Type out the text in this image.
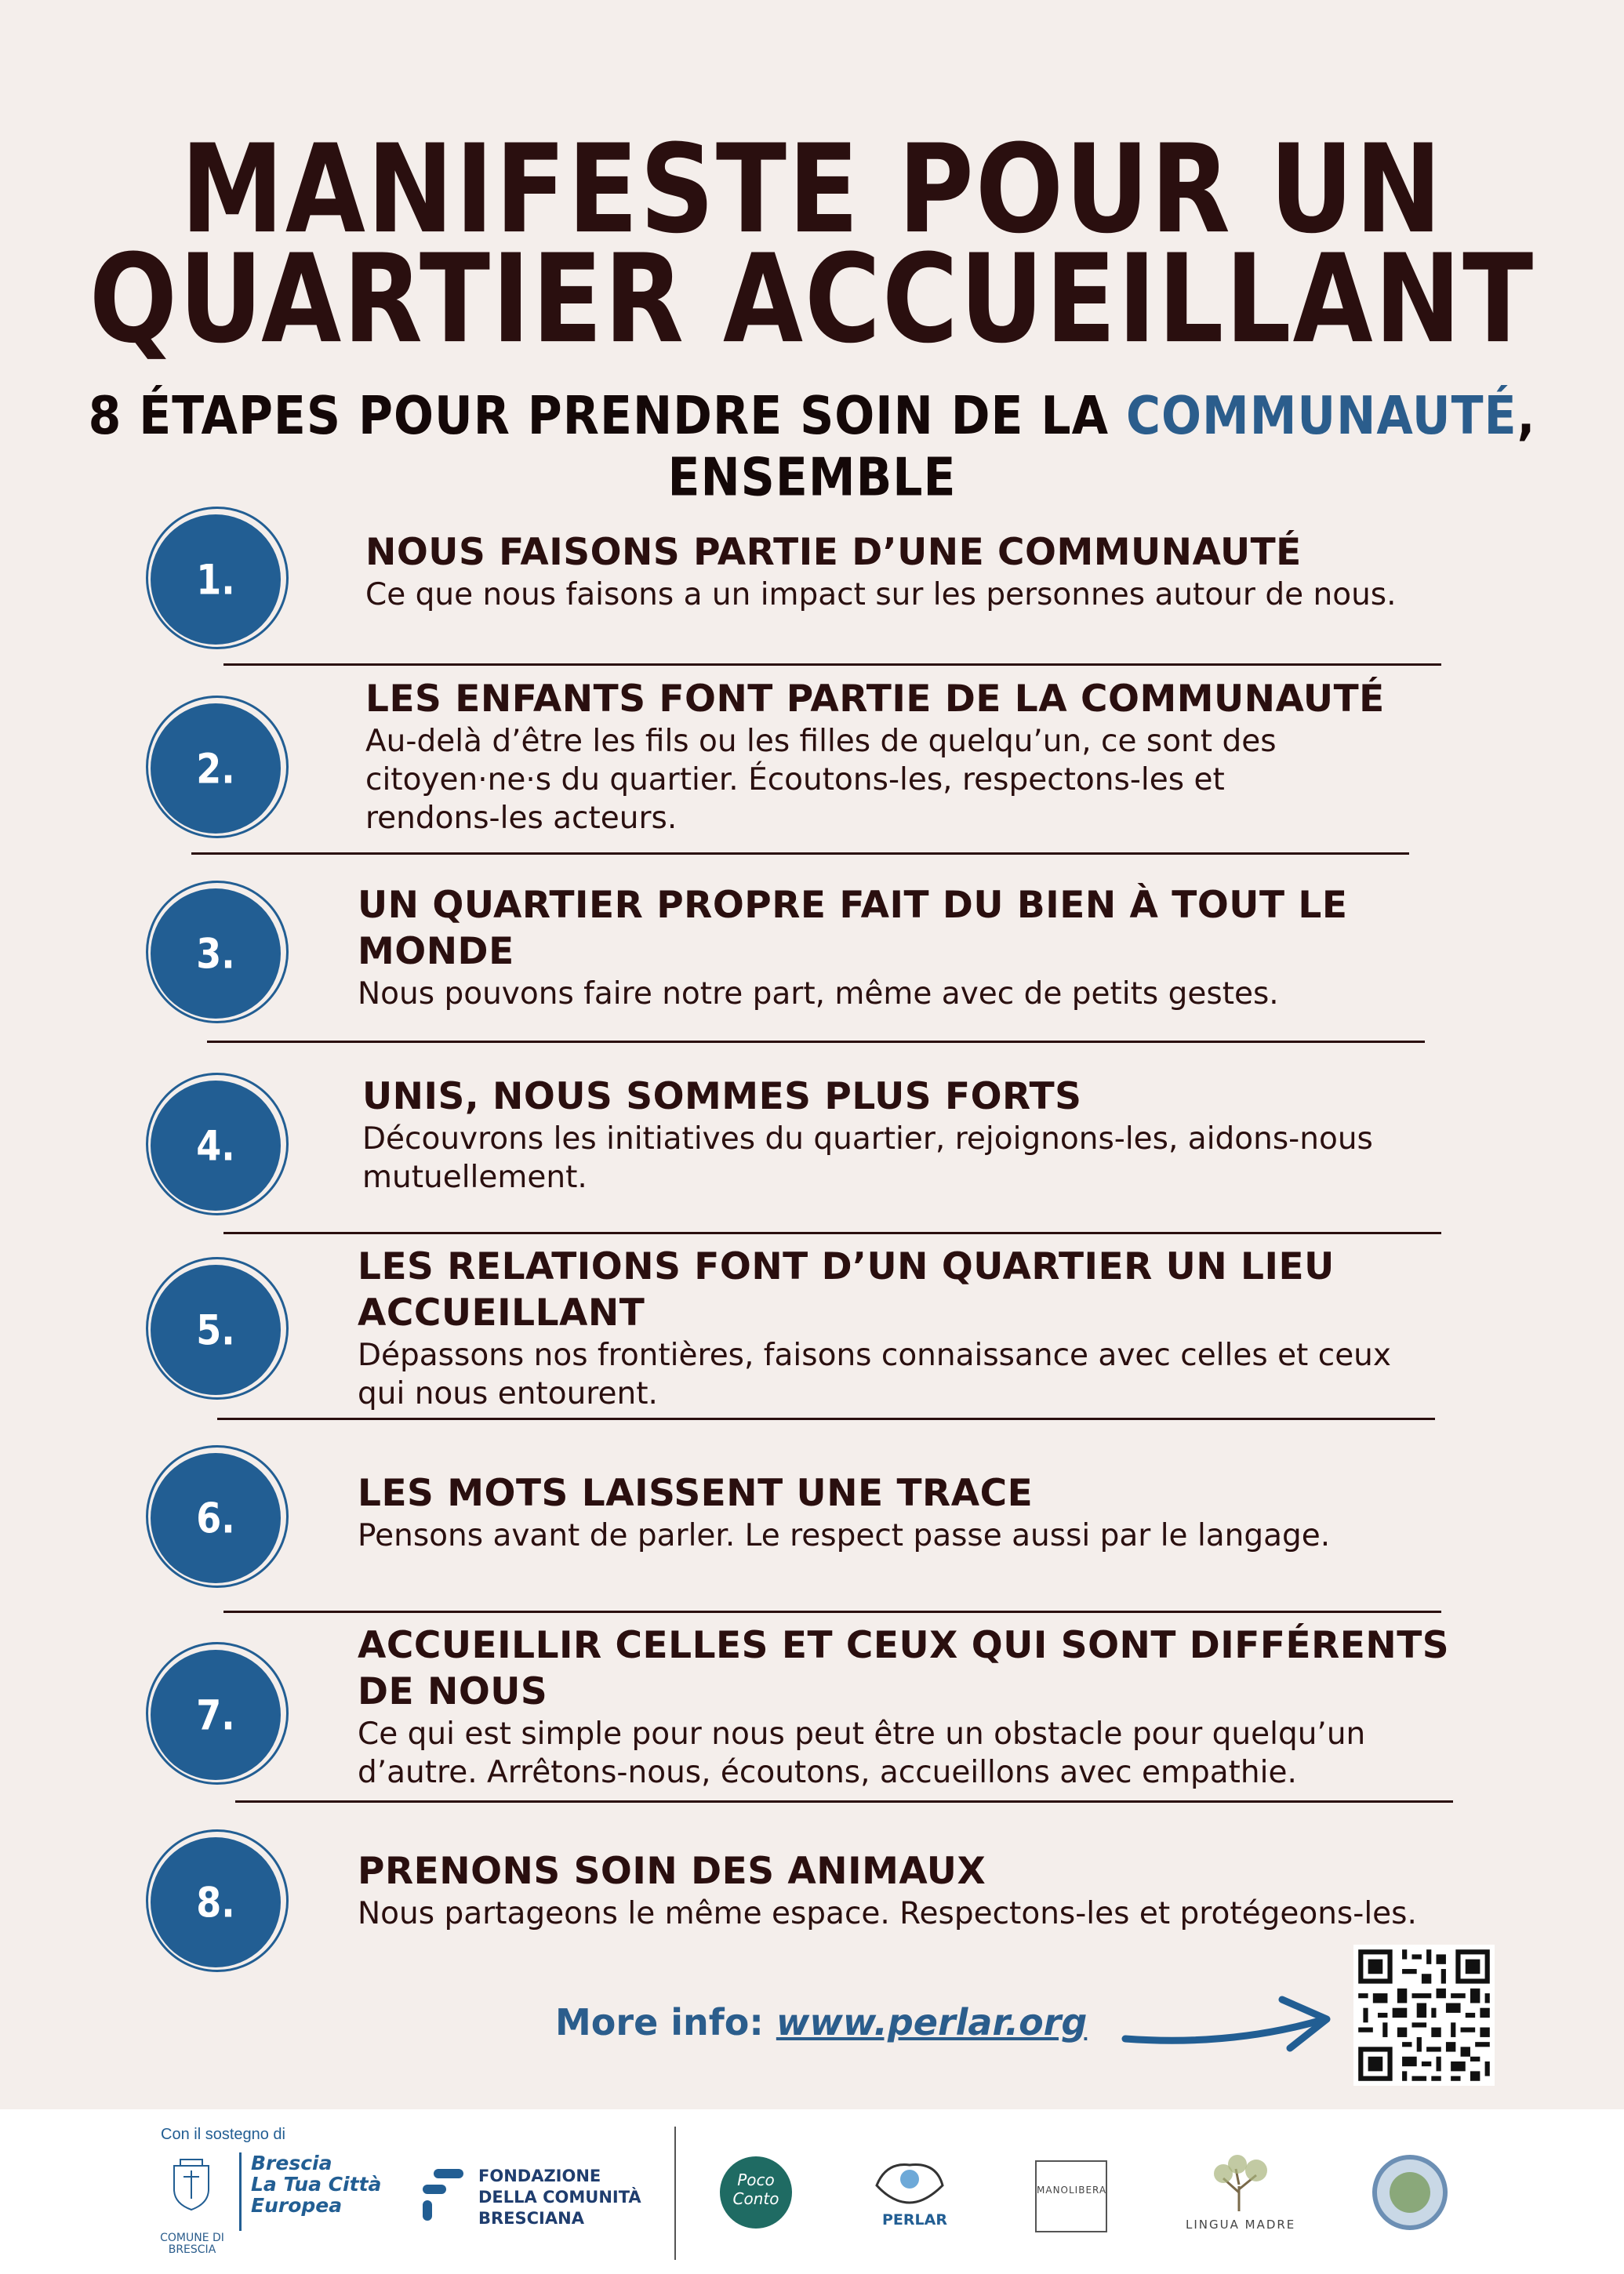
MANIFESTE POUR UN
QUARTIER ACCUEILLANT
8 ÉTAPES POUR PRENDRE SOIN DE LA COMMUNAUTÉ, ENSEMBLE
1.
NOUS FAISONS PARTIE D’UNE COMMUNAUTÉ
Ce que nous faisons a un impact sur les personnes autour de nous.
2.
LES ENFANTS FONT PARTIE DE LA COMMUNAUTÉ
Au-delà d’être les fils ou les filles de quelqu’un, ce sont des
citoyen·ne·s du quartier. Écoutons-les, respectons-les et
rendons-les acteurs.
3.
UN QUARTIER PROPRE FAIT DU BIEN À TOUT LE
MONDE
Nous pouvons faire notre part, même avec de petits gestes.
4.
UNIS, NOUS SOMMES PLUS FORTS
Découvrons les initiatives du quartier, rejoignons-les, aidons-nous
mutuellement.
5.
LES RELATIONS FONT D’UN QUARTIER UN LIEU
ACCUEILLANT
Dépassons nos frontières, faisons connaissance avec celles et ceux
qui nous entourent.
6.
LES MOTS LAISSENT UNE TRACE
Pensons avant de parler. Le respect passe aussi par le langage.
7.
ACCUEILLIR CELLES ET CEUX QUI SONT DIFFÉRENTS
DE NOUS
Ce qui est simple pour nous peut être un obstacle pour quelqu’un
d’autre. Arrêtons-nous, écoutons, accueillons avec empathie.
8.
PRENONS SOIN DES ANIMAUX
Nous partageons le même espace. Respectons-les et protégeons-les.
More info: www.perlar.org
Con il sostegno di
COMUNE DI
BRESCIA
Brescia
La Tua Città
Europea
FONDAZIONE
DELLA COMUNITÀ
BRESCIANA
Poco
Conto
PERLAR
MANOLIBERA
LINGUA MADRE
